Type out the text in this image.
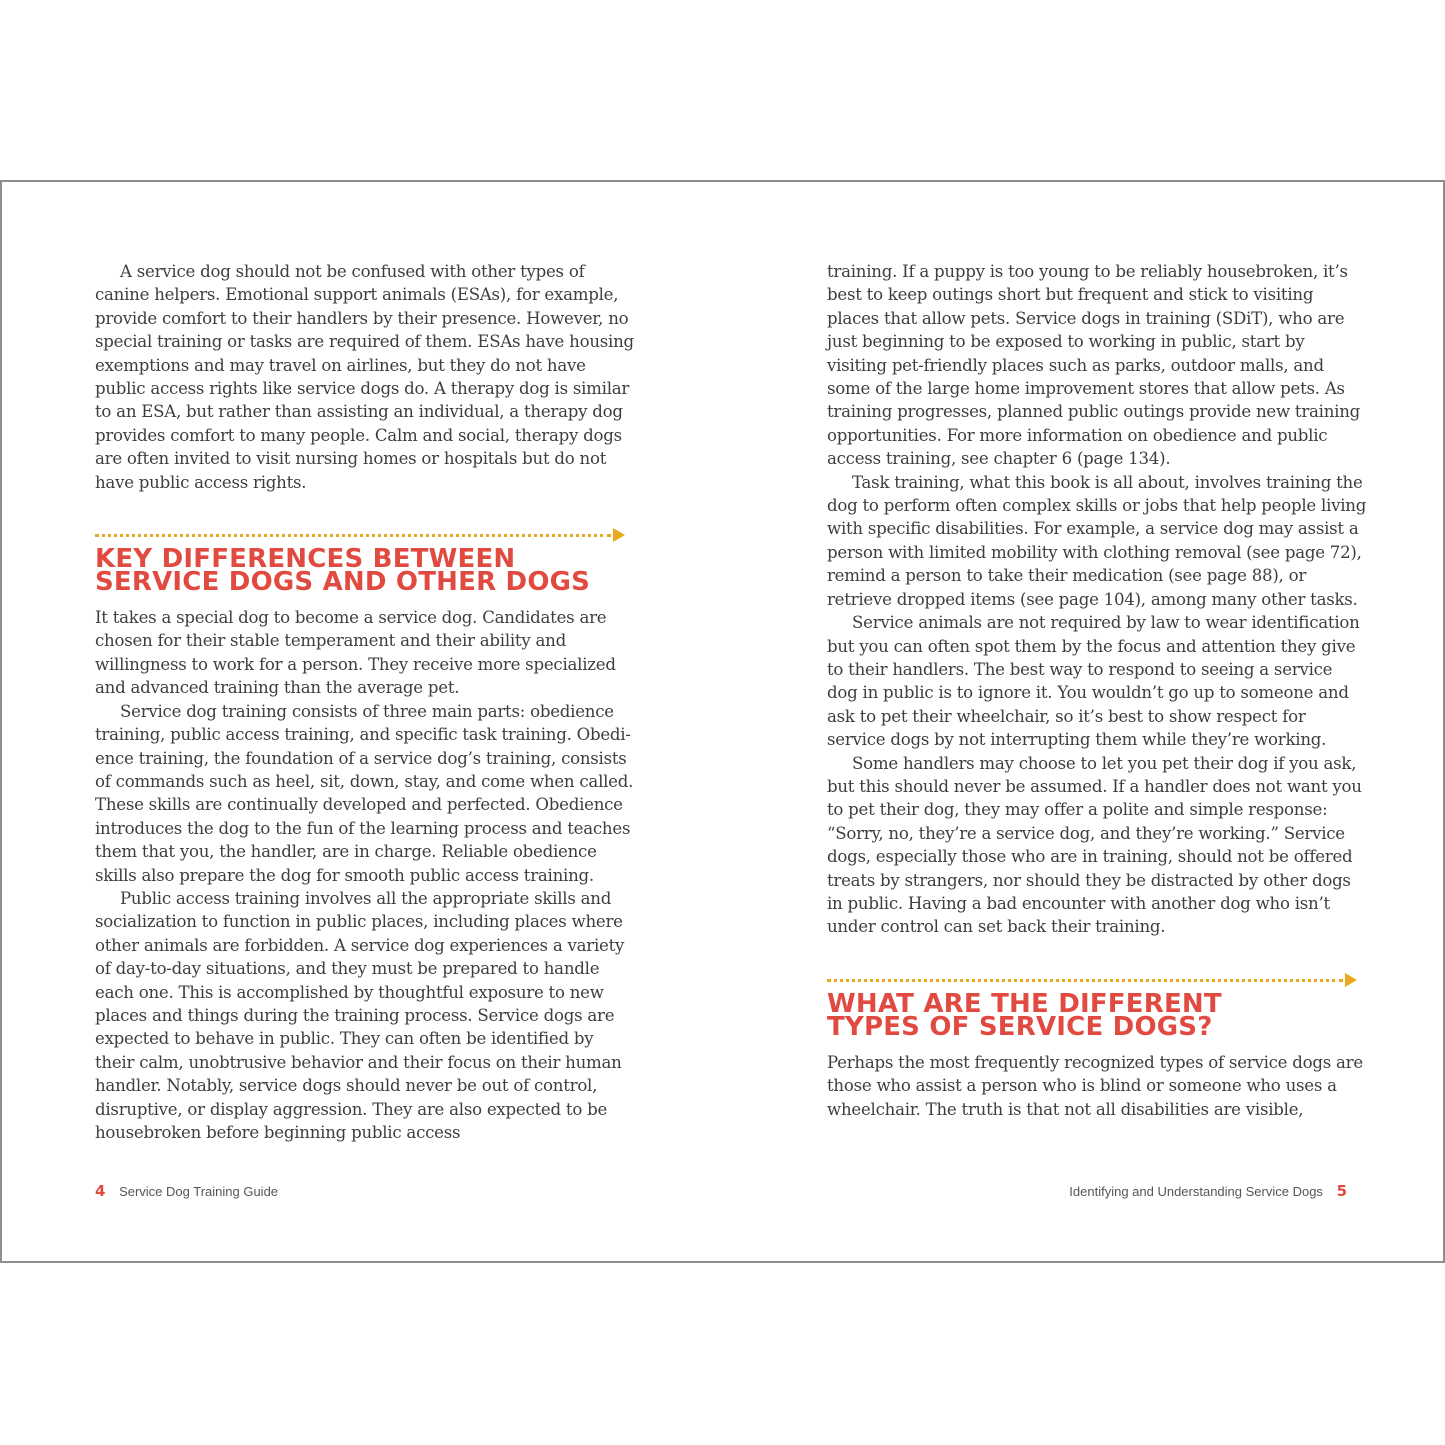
A service dog should not be confused with other types of canine helpers. Emotional support animals (ESAs), for example, provide comfort to their handlers by their presence. However, no special training or tasks are required of them. ESAs have housing exemptions and may travel on airlines, but they do not have public access rights like service dogs do. A therapy dog is similar to an ESA, but rather than assisting an individual, a therapy dog provides comfort to many people. Calm and social, therapy dogs are often invited to visit nursing homes or hospitals but do not have public access rights.

KEY DIFFERENCES BETWEEN
SERVICE DOGS AND OTHER DOGS

It takes a special dog to become a service dog. Candidates are chosen for their stable temperament and their ability and willingness to work for a person. They receive more specialized and advanced training than the average pet.

Service dog training consists of three main parts: obedience training, public access training, and specific task training. Obedience training, the foundation of a service dog’s training, consists of commands such as heel, sit, down, stay, and come when called. These skills are continually developed and perfected. Obedience introduces the dog to the fun of the learning process and teaches them that you, the handler, are in charge. Reliable obedience skills also prepare the dog for smooth public access training.

Public access training involves all the appropriate skills and socialization to function in public places, including places where other animals are forbidden. A service dog experiences a variety of day-to-day situations, and they must be prepared to handle each one. This is accomplished by thoughtful exposure to new places and things during the training process. Service dogs are expected to behave in public. They can often be identified by their calm, unobtrusive behavior and their focus on their human handler. Notably, service dogs should never be out of control, disruptive, or display aggression. They are also expected to be housebroken before beginning public access

training. If a puppy is too young to be reliably housebroken, it’s best to keep outings short but frequent and stick to visiting places that allow pets. Service dogs in training (SDiT), who are just beginning to be exposed to working in public, start by visiting pet-friendly places such as parks, outdoor malls, and some of the large home improvement stores that allow pets. As training progresses, planned public outings provide new training opportunities. For more information on obedience and public access training, see chapter 6 (page 134).

Task training, what this book is all about, involves training the dog to perform often complex skills or jobs that help people living with specific disabilities. For example, a service dog may assist a person with limited mobility with clothing removal (see page 72), remind a person to take their medication (see page 88), or retrieve dropped items (see page 104), among many other tasks.

Service animals are not required by law to wear identification but you can often spot them by the focus and attention they give to their handlers. The best way to respond to seeing a service dog in public is to ignore it. You wouldn’t go up to someone and ask to pet their wheelchair, so it’s best to show respect for service dogs by not interrupting them while they’re working.

Some handlers may choose to let you pet their dog if you ask, but this should never be assumed. If a handler does not want you to pet their dog, they may offer a polite and simple response: “Sorry, no, they’re a service dog, and they’re working.” Service dogs, especially those who are in training, should not be offered treats by strangers, nor should they be distracted by other dogs in public. Having a bad encounter with another dog who isn’t under control can set back their training.

WHAT ARE THE DIFFERENT
TYPES OF SERVICE DOGS?

Perhaps the most frequently recognized types of service dogs are those who assist a person who is blind or someone who uses a wheelchair. The truth is that not all disabilities are visible,

4 Service Dog Training Guide	Identifying and Understanding Service Dogs 5
